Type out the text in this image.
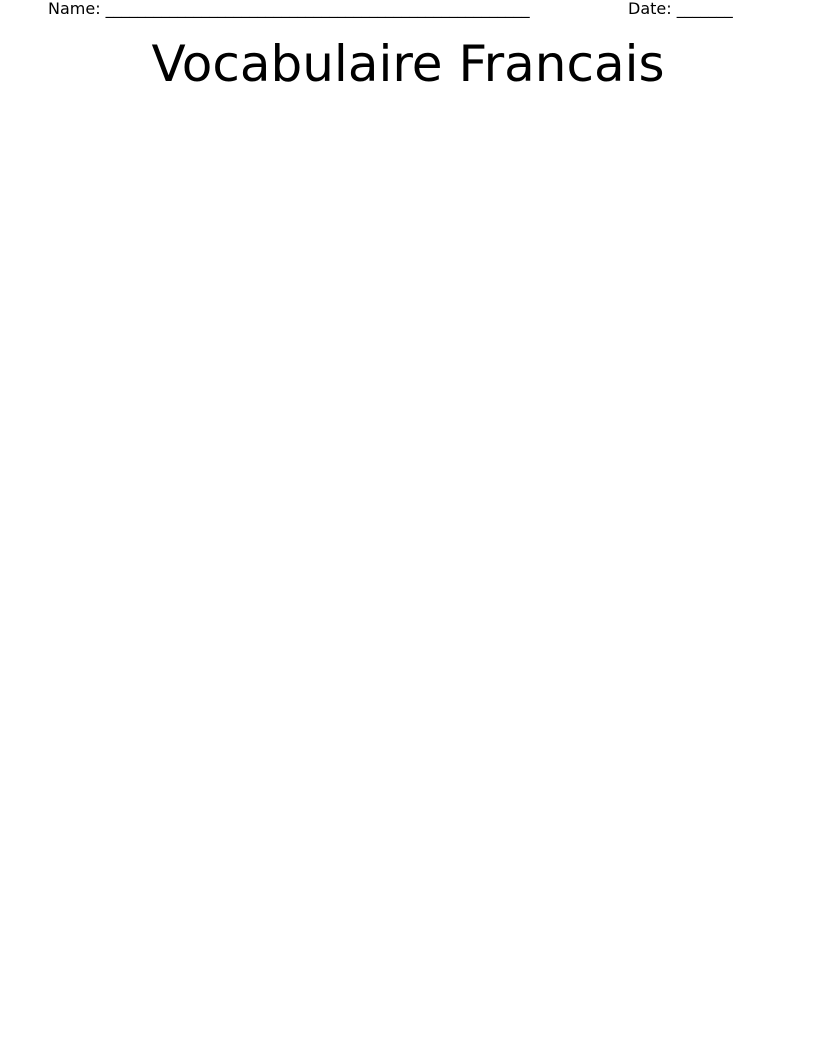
Name: _____________________________________________________	Date: _______
Vocabulaire Francais
